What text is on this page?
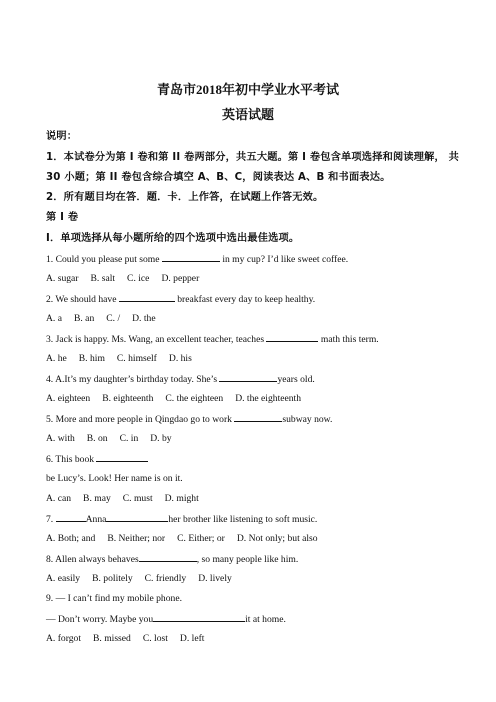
青岛市2018年初中学业水平考试
英语试题
说明：
1．本试卷分为第 I 卷和第 II 卷两部分，共五大题。第 I 卷包含单项选择和阅读理解， 共
30 小题；第 II 卷包含综合填空 A、B、C，阅读表达 A、B 和书面表达。
2．所有题目均在答．题．卡．上作答，在试题上作答无效。
第 I 卷
I．单项选择从每小题所给的四个选项中选出最佳选项。
1. Could you please put some	in my cup? I’d like sweet coffee.
A. sugar B. salt C. ice D. pepper
2. We should have	breakfast every day to keep healthy.
A. a B. an C. / D. the
3. Jack is happy. Ms. Wang, an excellent teacher, teaches	math this term.
A. he B. him C. himself D. his
4. A.It’s my daughter’s birthday today. She’s	years old.
A. eighteen B. eighteenth C. the eighteen D. the eighteenth
5. More and more people in Qingdao go to work	subway now.
A. with B. on C. in D. by
6. This book
be Lucy’s. Look! Her name is on it.
A. can B. may C. must D. might
7.	Anna	her brother like listening to soft music.
A. Both; and B. Neither; nor C. Either; or D. Not only; but also
8. Allen always behaves	, so many people like him.
A. easily B. politely C. friendly D. lively
9. — I can’t find my mobile phone.
— Don’t worry. Maybe you	it at home.
A. forgot B. missed C. lost D. left
